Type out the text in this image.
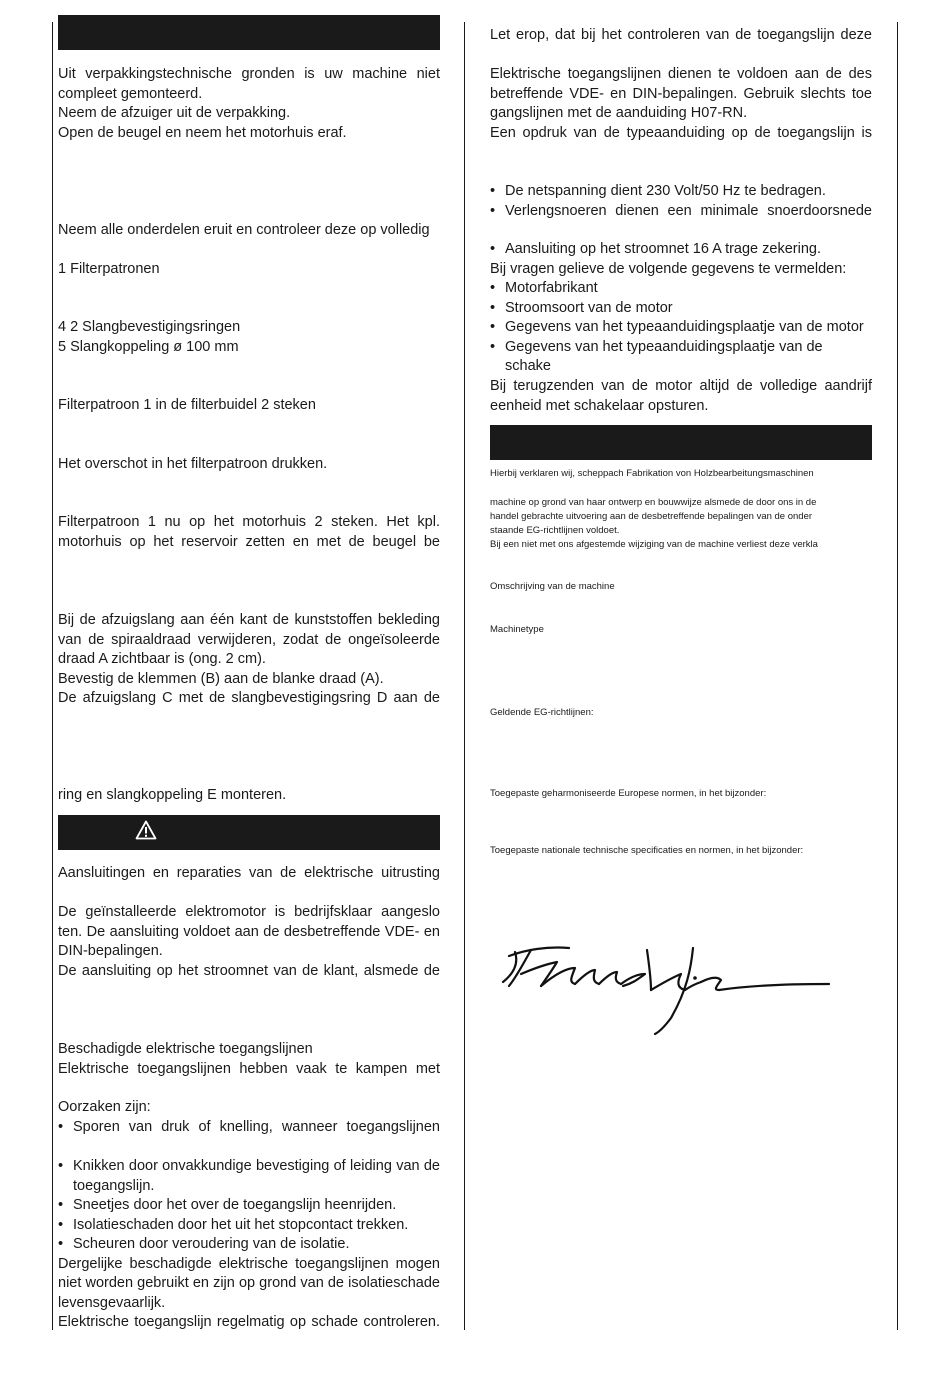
Uit verpakkingstechnische gronden is uw machine niet
compleet gemonteerd.
Neem de afzuiger uit de verpakking.
Open de beugel en neem het motorhuis eraf.
Neem alle onderdelen eruit en controleer deze op volledig
1 Filterpatronen
4 2 Slangbevestigingsringen
5 Slangkoppeling ø 100 mm
Filterpatroon 1 in de filterbuidel 2 steken
Het overschot in het filterpatroon drukken.
Filterpatroon 1 nu op het motorhuis 2 steken. Het kpl.
motorhuis op het reservoir zetten en met de beugel be
Bij de afzuigslang aan één kant de kunststoffen bekleding
van de spiraaldraad verwijderen, zodat de ongeïsoleerde
draad A zichtbaar is (ong. 2 cm).
Bevestig de klemmen (B) aan de blanke draad (A).
De afzuigslang C met de slangbevestigingsring D aan de
ring en slangkoppeling E monteren.
Aansluitingen en reparaties van de elektrische uitrusting
De geïnstalleerde elektromotor is bedrijfsklaar aangeslo
ten. De aansluiting voldoet aan de desbetreffende VDE- en
DIN-bepalingen.
De aansluiting op het stroomnet van de klant, alsmede de
Beschadigde elektrische toegangslijnen
Elektrische toegangslijnen hebben vaak te kampen met
Oorzaken zijn:
• Sporen van druk of knelling, wanneer toegangslijnen
• Knikken door onvakkundige bevestiging of leiding van de
toegangslijn.
• Sneetjes door het over de toegangslijn heenrijden.
• Isolatieschaden door het uit het stopcontact trekken.
• Scheuren door veroudering van de isolatie.
Dergelijke beschadigde elektrische toegangslijnen mogen
niet worden gebruikt en zijn op grond van de isolatieschade
levensgevaarlijk.
Elektrische toegangslijn regelmatig op schade controleren.
Let erop, dat bij het controleren van de toegangslijn deze
Elektrische toegangslijnen dienen te voldoen aan de des
betreffende VDE- en DIN-bepalingen. Gebruik slechts toe
gangslijnen met de aanduiding H07-RN.
Een opdruk van de typeaanduiding op de toegangslijn is
• De netspanning dient 230 Volt/50 Hz te bedragen.
• Verlengsnoeren dienen een minimale snoerdoorsnede
• Aansluiting op het stroomnet 16 A trage zekering.
Bij vragen gelieve de volgende gegevens te vermelden:
• Motorfabrikant
• Stroomsoort van de motor
• Gegevens van het typeaanduidingsplaatje van de motor
• Gegevens van het typeaanduidingsplaatje van de schake
Bij terugzenden van de motor altijd de volledige aandrijf
eenheid met schakelaar opsturen.
Hierbij verklaren wij, scheppach Fabrikation von Holzbearbeitungsmaschinen
machine op grond van haar ontwerp en bouwwijze alsmede de door ons in de
handel gebrachte uitvoering aan de desbetreffende bepalingen van de onder
staande EG-richtlijnen voldoet.
Bij een niet met ons afgestemde wijziging van de machine verliest deze verkla
Omschrijving van de machine
Machinetype
Geldende EG-richtlijnen:
Toegepaste geharmoniseerde Europese normen, in het bijzonder:
Toegepaste nationale technische specificaties en normen, in het bijzonder:
